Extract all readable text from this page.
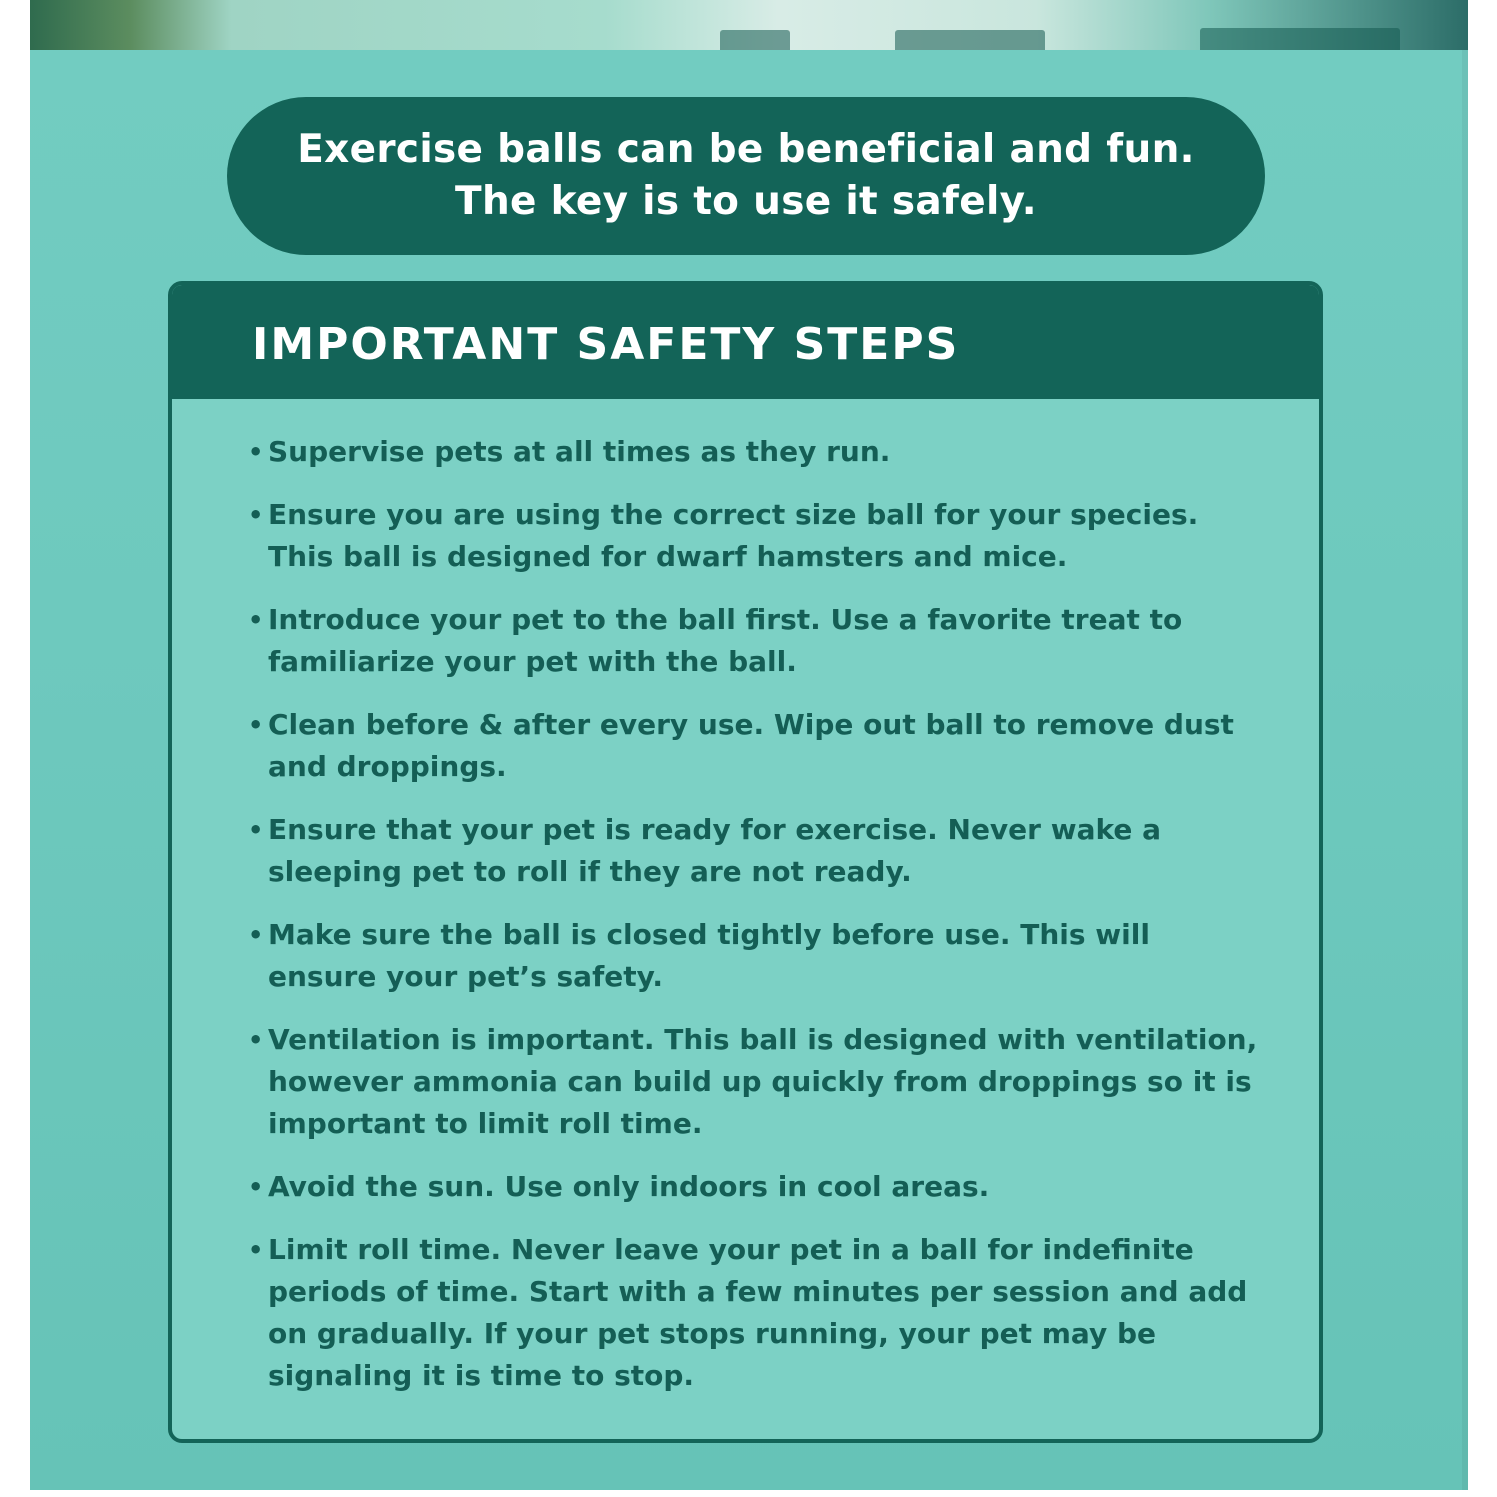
Exercise balls can be beneficial and fun.
The key is to use it safely.
IMPORTANT SAFETY STEPS
• Supervise pets at all times as they run.
• Ensure you are using the correct size ball for your species. This ball is designed for dwarf hamsters and mice.
• Introduce your pet to the ball first. Use a favorite treat to familiarize your pet with the ball.
• Clean before & after every use. Wipe out ball to remove dust and droppings.
• Ensure that your pet is ready for exercise. Never wake a sleeping pet to roll if they are not ready.
• Make sure the ball is closed tightly before use. This will ensure your pet’s safety.
• Ventilation is important. This ball is designed with ventilation, however ammonia can build up quickly from droppings so it is important to limit roll time.
• Avoid the sun. Use only indoors in cool areas.
• Limit roll time. Never leave your pet in a ball for indefinite periods of time. Start with a few minutes per session and add on gradually. If your pet stops running, your pet may be signaling it is time to stop.
